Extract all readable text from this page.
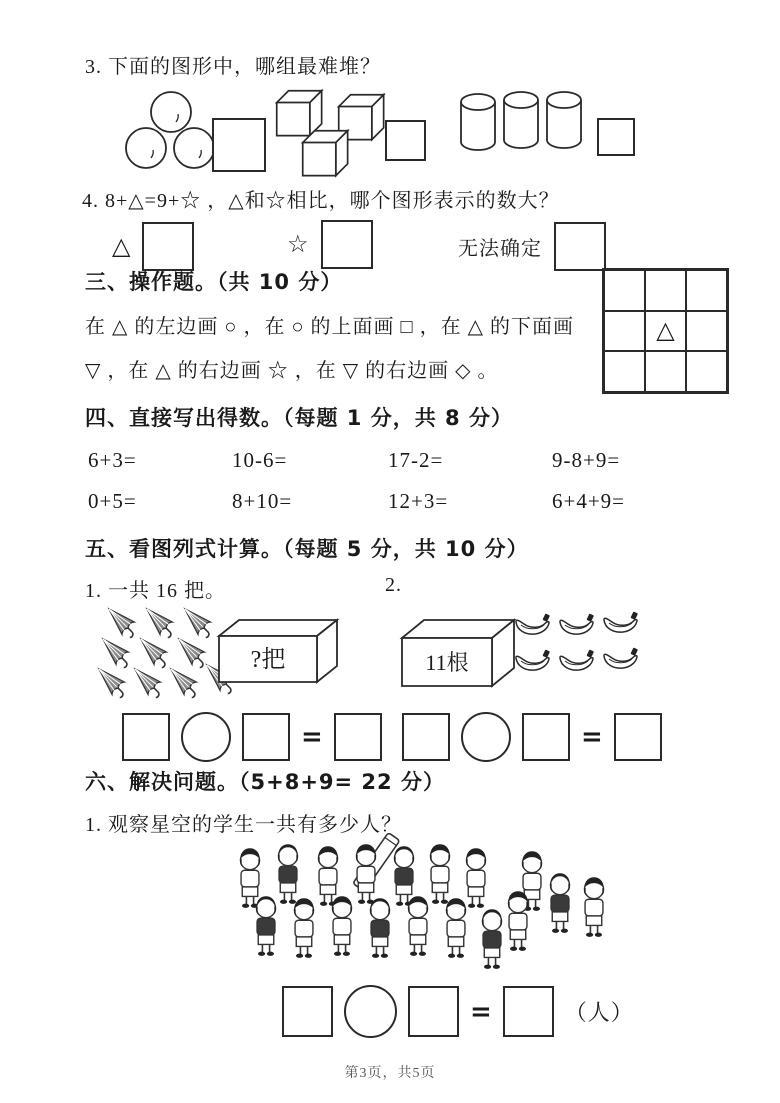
3. 下面的图形中，哪组最难堆？
4. 8+△=9+☆ ，△和☆相比，哪个图形表示的数大？
△	☆	无法确定
三、操作题。（共 10 分）
在 △ 的左边画 ○ ，在 ○ 的上面画 □ ，在 △ 的下面画
▽ ，在 △ 的右边画 ☆ ，在 ▽ 的右边画 ◇ 。
△
四、直接写出得数。（每题 1 分，共 8 分）
6+3=	10-6=	17-2=	9-8+9=
0+5=	8+10=	12+3=	6+4+9=
五、看图列式计算。（每题 5 分，共 10 分）
1. 一共 16 把。	2.
?把	11根
=	=
六、解决问题。（5+8+9= 22 分）
1. 观察星空的学生一共有多少人？
=	（人）
第3页，共5页
